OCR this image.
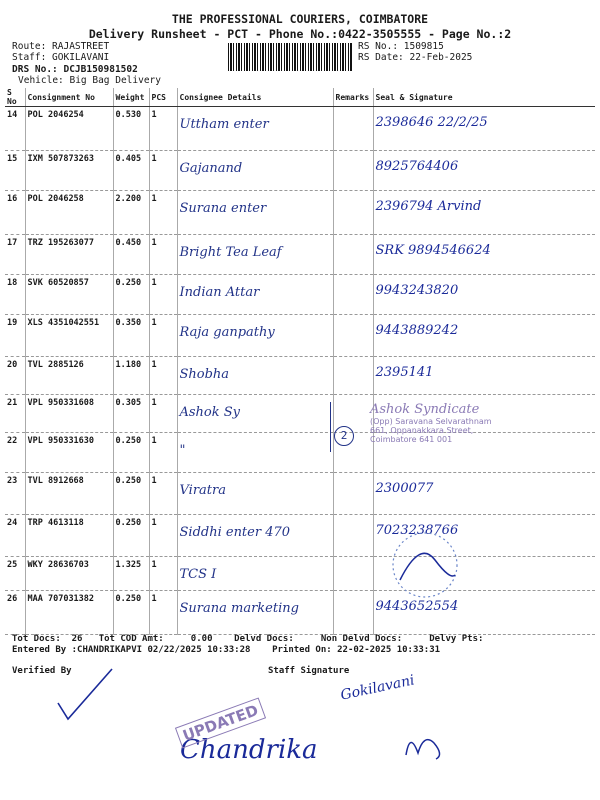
THE PROFESSIONAL COURIERS, COIMBATORE
Delivery Runsheet - PCT - Phone No.:0422-3505555 - Page No.:2
Route: RAJASTREET
Staff: GOKILAVANI
DRS No.: DCJB150981502
Vehicle: Big Bag Delivery
RS No.: 1509815
RS Date: 22-Feb-2025
S No	Consignment No	Weight	PCS	Consignee Details	Remarks	Seal & Signature
14	POL 2046254	0.530	1	Uttham enter		2398646 22/2/25
15	IXM 507873263	0.405	1	Gajanand		8925764406
16	POL 2046258	2.200	1	Surana enter		2396794 Arvind
17	TRZ 195263077	0.450	1	Bright Tea Leaf		SRK 9894546624
18	SVK 60520857	0.250	1	Indian Attar		9943243820
19	XLS 4351042551	0.350	1	Raja ganpathy		9443889242
20	TVL 2885126	1.180	1	Shobha		2395141
21	VPL 950331608	0.305	1	Ashok Sy		
22	VPL 950331630	0.250	1	"		
23	TVL 8912668	0.250	1	Viratra		2300077
24	TRP 4613118	0.250	1	Siddhi enter 470		7023238766
25	WKY 28636703	1.325	1	TCS I		
26	MAA 707031382	0.250	1	Surana marketing		9443652554
2
Ashok Syndicate
(Opp) Saravana Selvarathnam
661, Oppanakkara Street,
Coimbatore 641 001
Tot Docs:  26   Tot COD Amt:     0.00    Delvd Docs:     Non Delvd Docs:     Delvy Pts:
Entered By :CHANDRIKAPVI 02/22/2025 10:33:28    Printed On: 22-02-2025 10:33:31
Verified By	Staff Signature
Chandrika
Gokilavani
UPDATED
